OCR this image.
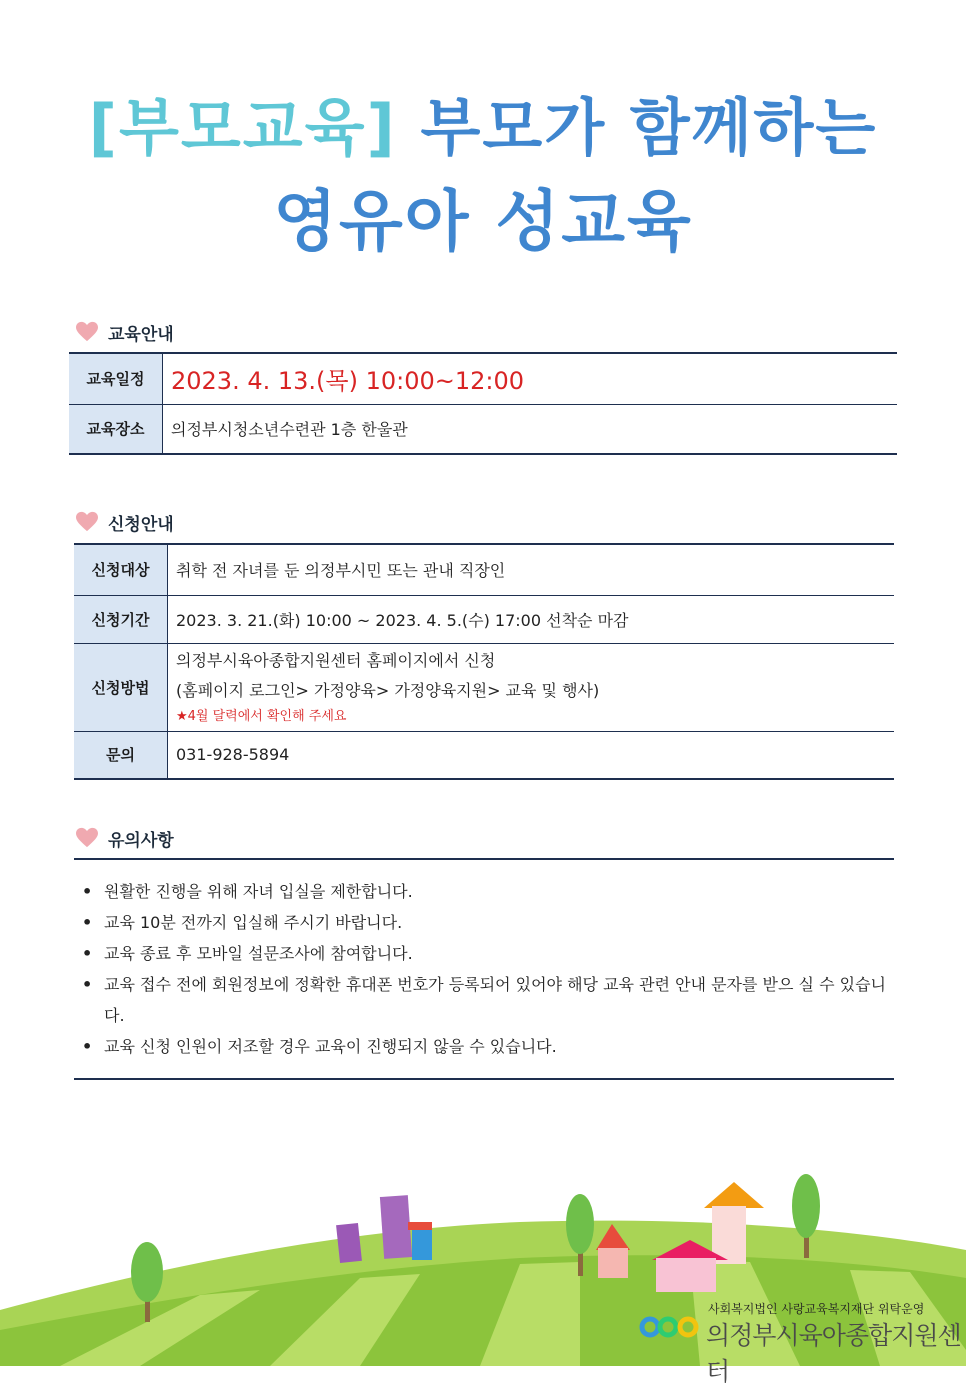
[부모교육] 부모가 함께하는
영유아 성교육
교육안내
교육일정	2023. 4. 13.(목) 10:00~12:00
교육장소	의정부시청소년수련관 1층 한울관
신청안내
신청대상	취학 전 자녀를 둔 의정부시민 또는 관내 직장인
신청기간	2023. 3. 21.(화) 10:00 ~ 2023. 4. 5.(수) 17:00 선착순 마감
신청방법	의정부시육아종합지원센터 홈페이지에서 신청
(홈페이지 로그인> 가정양육> 가정양육지원> 교육 및 행사)
★4월 달력에서 확인해 주세요

문의	031-928-5894
유의사항
• 원활한 진행을 위해 자녀 입실을 제한합니다.
• 교육 10분 전까지 입실해 주시기 바랍니다.
• 교육 종료 후 모바일 설문조사에 참여합니다.
• 교육 접수 전에 회원정보에 정확한 휴대폰 번호가 등록되어 있어야 해당 교육 관련 안내 문자를 받으 실 수 있습니다.
• 교육 신청 인원이 저조할 경우 교육이 진행되지 않을 수 있습니다.
사회복지법인 사랑교육복지재단 위탁운영
의정부시육아종합지원센터
